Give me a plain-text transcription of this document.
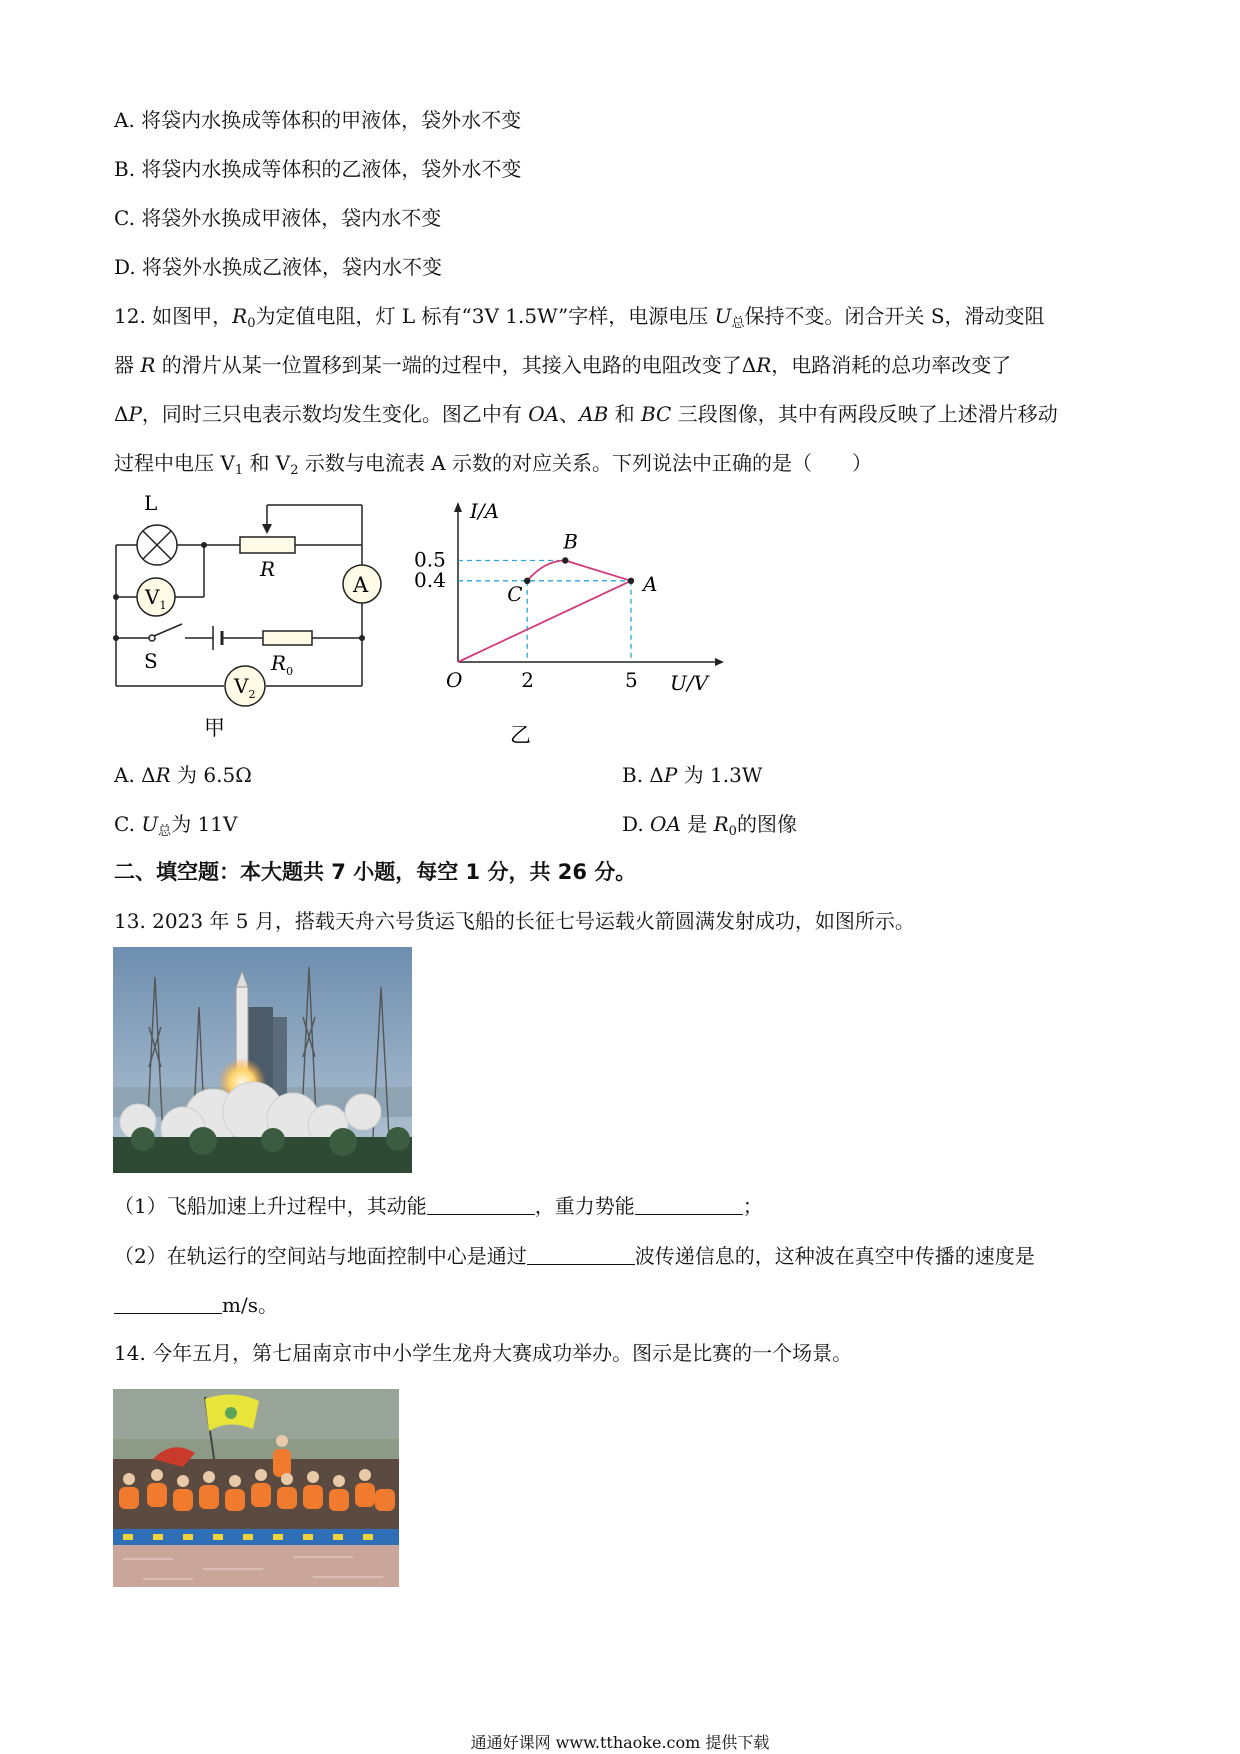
A. 将袋内水换成等体积的甲液体，袋外水不变
B. 将袋内水换成等体积的乙液体，袋外水不变
C. 将袋外水换成甲液体，袋内水不变
D. 将袋外水换成乙液体，袋内水不变
12. 如图甲，$R_0$为定值电阻，灯 L 标有“3V 1.5W”字样，电源电压 $U_总$保持不变。闭合开关 S，滑动变阻
器 R 的滑片从某一位置移到某一端的过程中，其接入电路的电阻改变了ΔR，电路消耗的总功率改变了
ΔP，同时三只电表示数均发生变化。图乙中有 OA、AB 和 BC 三段图像，其中有两段反映了上述滑片移动
过程中电压 $V_1$ 和 $V_2$ 示数与电流表 A 示数的对应关系。下列说法中正确的是（　　）
L
R
A
$V_1$
S	$R_0$
$V_2$
甲
C
B
A
2	5
0.5
0.4
I/A
U/V
O
乙
A. ΔR 为 6.5Ω	B. ΔP 为 1.3W
C. $U_总$为 11V	D. OA 是 $R_0$的图像
二、填空题：本大题共 7 小题，每空 1 分，共 26 分。
13. 2023 年 5 月，搭载天舟六号货运飞船的长征七号运载火箭圆满发射成功，如图所示。
（1）飞船加速上升过程中，其动能	，重力势能	；
（2）在轨运行的空间站与地面控制中心是通过	波传递信息的，这种波在真空中传播的速度是
m/s。
14. 今年五月，第七届南京市中小学生龙舟大赛成功举办。图示是比赛的一个场景。
通通好课网 www.tthaoke.com 提供下载
